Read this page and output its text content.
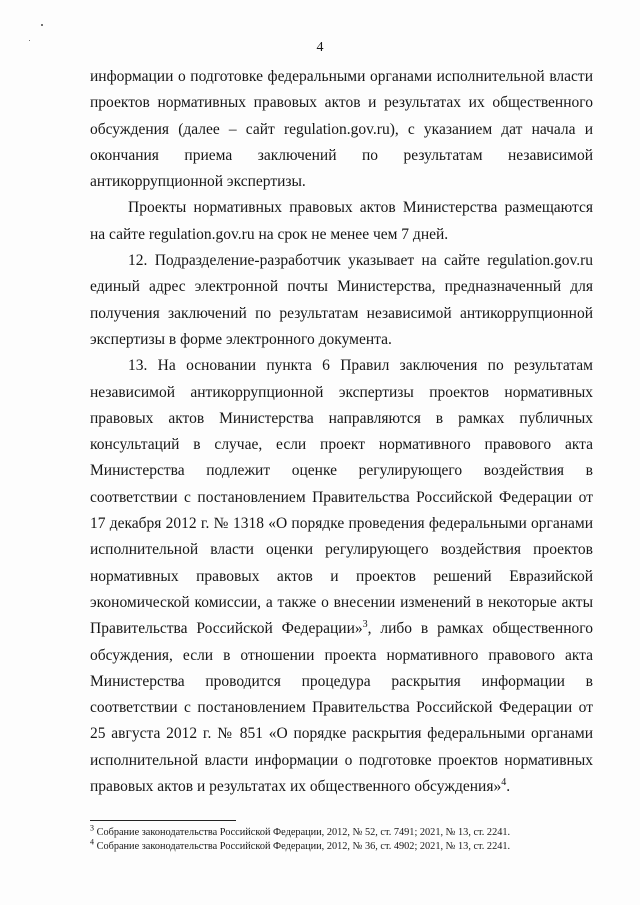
4

информации о подготовке федеральными органами исполнительной власти проектов нормативных правовых актов и результатах их общественного обсуждения (далее – сайт regulation.gov.ru), с указанием дат начала и окончания приема заключений по результатам независимой антикоррупционной экспертизы.

Проекты нормативных правовых актов Министерства размещаются на сайте regulation.gov.ru на срок не менее чем 7 дней.

12. Подразделение-разработчик указывает на сайте regulation.gov.ru единый адрес электронной почты Министерства, предназначенный для получения заключений по результатам независимой антикоррупционной экспертизы в форме электронного документа.

13. На основании пункта 6 Правил заключения по результатам независимой антикоррупционной экспертизы проектов нормативных правовых актов Министерства направляются в рамках публичных консультаций в случае, если проект нормативного правового акта Министерства подлежит оценке регулирующего воздействия в соответствии с постановлением Правительства Российской Федерации от 17 декабря 2012 г. № 1318 «О порядке проведения федеральными органами исполнительной власти оценки регулирующего воздействия проектов нормативных правовых актов и проектов решений Евразийской экономической комиссии, а также о внесении изменений в некоторые акты Правительства Российской Федерации»$^3$, либо в рамках общественного обсуждения, если в отношении проекта нормативного правового акта Министерства проводится процедура раскрытия информации в соответствии с постановлением Правительства Российской Федерации от 25 августа 2012 г. № 851 «О порядке раскрытия федеральными органами исполнительной власти информации о подготовке проектов нормативных правовых актов и результатах их общественного обсуждения»$^4$.

$^3$ Собрание законодательства Российской Федерации, 2012, № 52, ст. 7491; 2021, № 13, ст. 2241.

$^4$ Собрание законодательства Российской Федерации, 2012, № 36, ст. 4902; 2021, № 13, ст. 2241.
